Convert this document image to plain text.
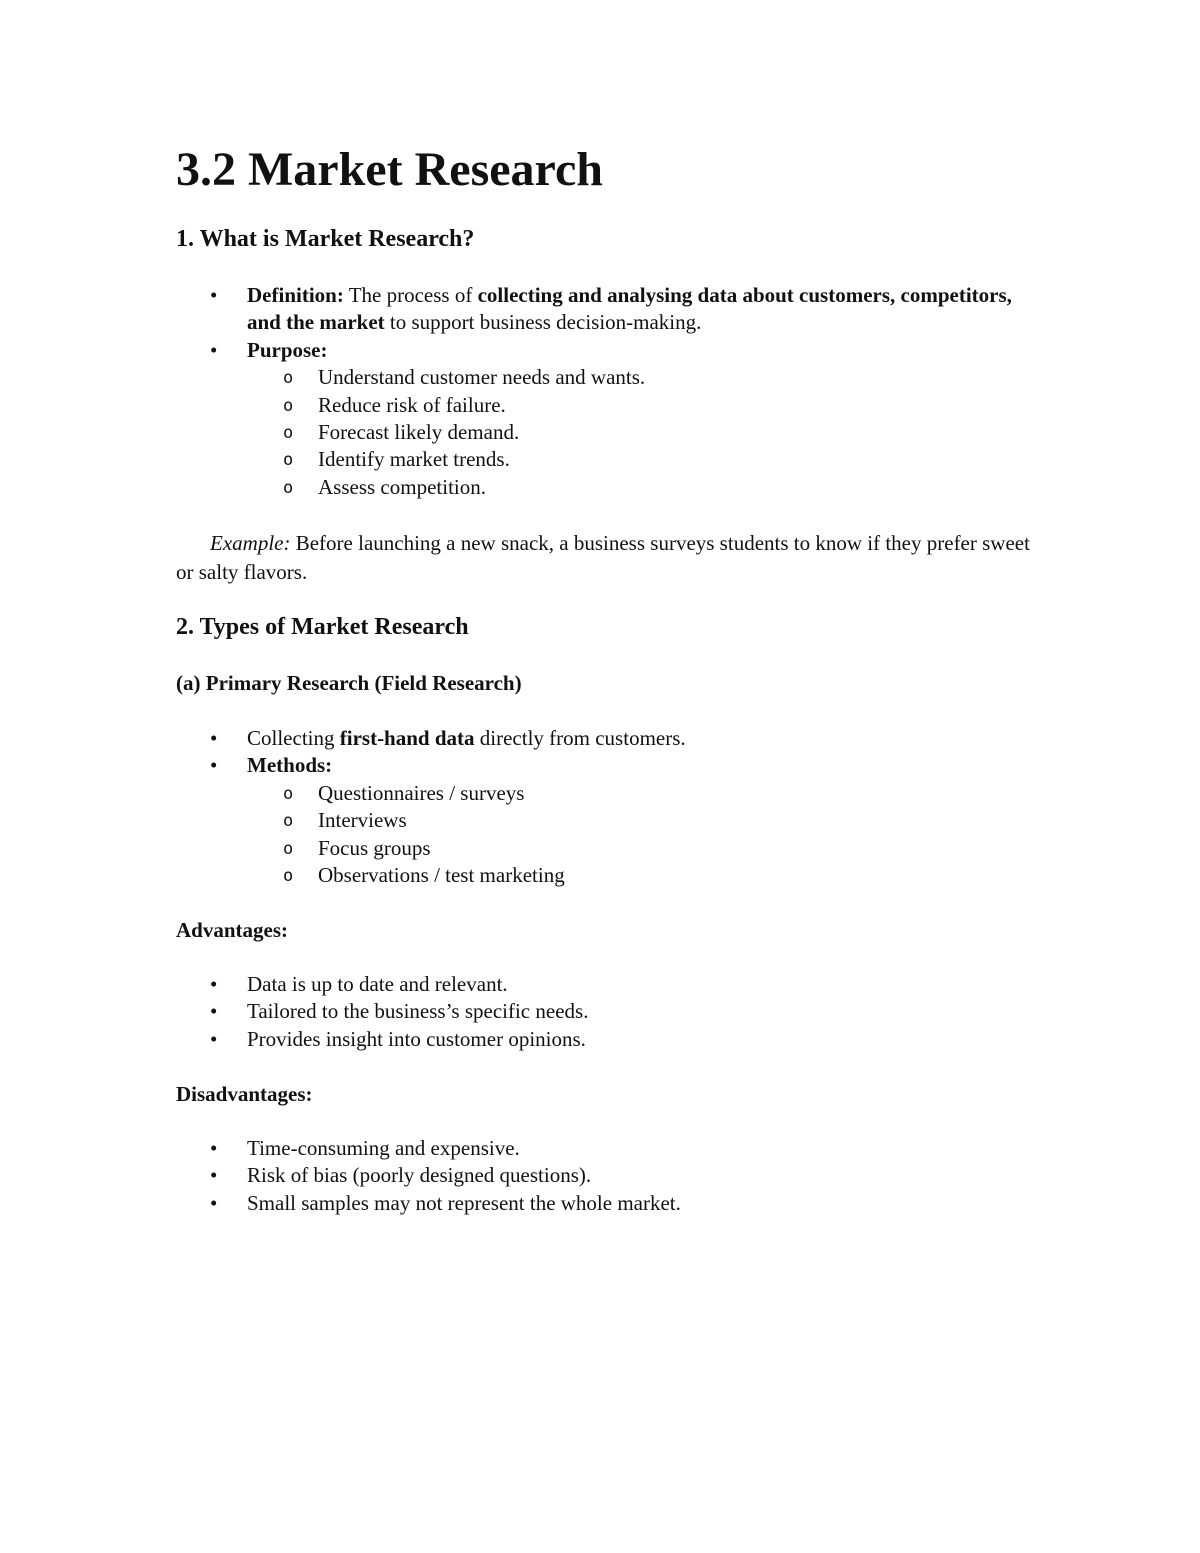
3.2 Market Research
1. What is Market Research?
• Definition: The process of collecting and analysing data about customers, competitors, and the market to support business decision-making.
• Purpose:
o Understand customer needs and wants.
o Reduce risk of failure.
o Forecast likely demand.
o Identify market trends.
o Assess competition.

Example: Before launching a new snack, a business surveys students to know if they prefer sweet or salty flavors.

2. Types of Market Research
(a) Primary Research (Field Research)
• Collecting first-hand data directly from customers.
• Methods:
o Questionnaires / surveys
o Interviews
o Focus groups
o Observations / test marketing
Advantages:
• Data is up to date and relevant.
• Tailored to the business’s specific needs.
• Provides insight into customer opinions.
Disadvantages:
• Time-consuming and expensive.
• Risk of bias (poorly designed questions).
• Small samples may not represent the whole market.
